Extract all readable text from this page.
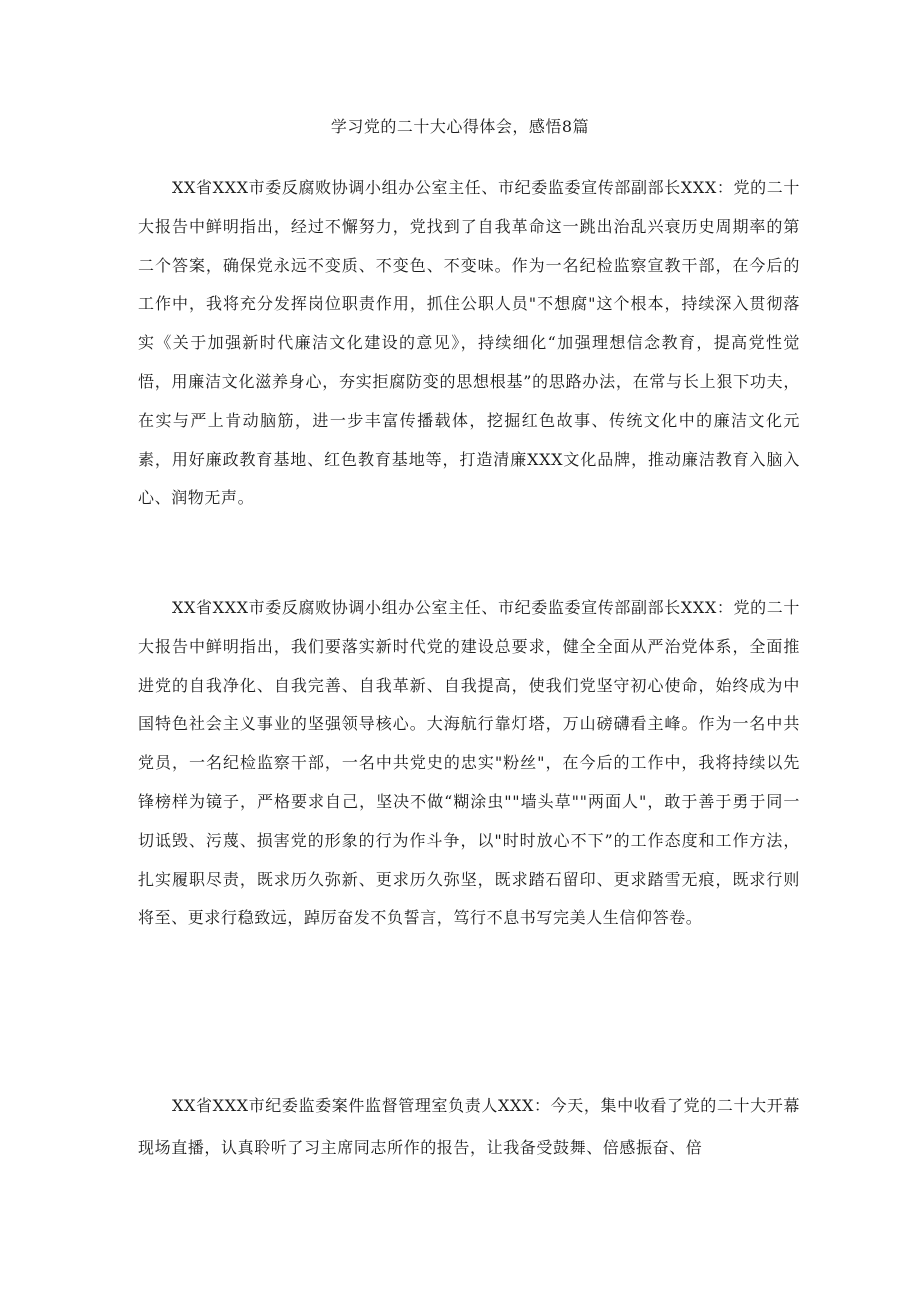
学习党的二十大心得体会，感悟8篇

XX省XXX市委反腐败协调小组办公室主任、市纪委监委宣传部副部长XXX：党的二十大报告中鲜明指出，经过不懈努力，党找到了自我革命这一跳出治乱兴衰历史周期率的第二个答案，确保党永远不变质、不变色、不变味。作为一名纪检监察宣教干部，在今后的工作中，我将充分发挥岗位职责作用，抓住公职人员"不想腐"这个根本，持续深入贯彻落实《关于加强新时代廉洁文化建设的意见》，持续细化“加强理想信念教育，提高党性觉悟，用廉洁文化滋养身心，夯实拒腐防变的思想根基”的思路办法，在常与长上狠下功夫，在实与严上肯动脑筋，进一步丰富传播载体，挖掘红色故事、传统文化中的廉洁文化元素，用好廉政教育基地、红色教育基地等，打造清廉XXX文化品牌，推动廉洁教育入脑入心、润物无声。

XX省XXX市委反腐败协调小组办公室主任、市纪委监委宣传部副部长XXX：党的二十大报告中鲜明指出，我们要落实新时代党的建设总要求，健全全面从严治党体系，全面推进党的自我净化、自我完善、自我革新、自我提高，使我们党坚守初心使命，始终成为中国特色社会主义事业的坚强领导核心。大海航行靠灯塔，万山磅礴看主峰。作为一名中共党员，一名纪检监察干部，一名中共党史的忠实"粉丝"，在今后的工作中，我将持续以先锋榜样为镜子，严格要求自己，坚决不做“糊涂虫""墙头草""两面人"，敢于善于勇于同一切诋毁、污蔑、损害党的形象的行为作斗争，以"时时放心不下”的工作态度和工作方法，扎实履职尽责，既求历久弥新、更求历久弥坚，既求踏石留印、更求踏雪无痕，既求行则将至、更求行稳致远，踔厉奋发不负誓言，笃行不息书写完美人生信仰答卷。

XX省XXX市纪委监委案件监督管理室负责人XXX：今天，集中收看了党的二十大开幕现场直播，认真聆听了习主席同志所作的报告，让我备受鼓舞、倍感振奋、倍
